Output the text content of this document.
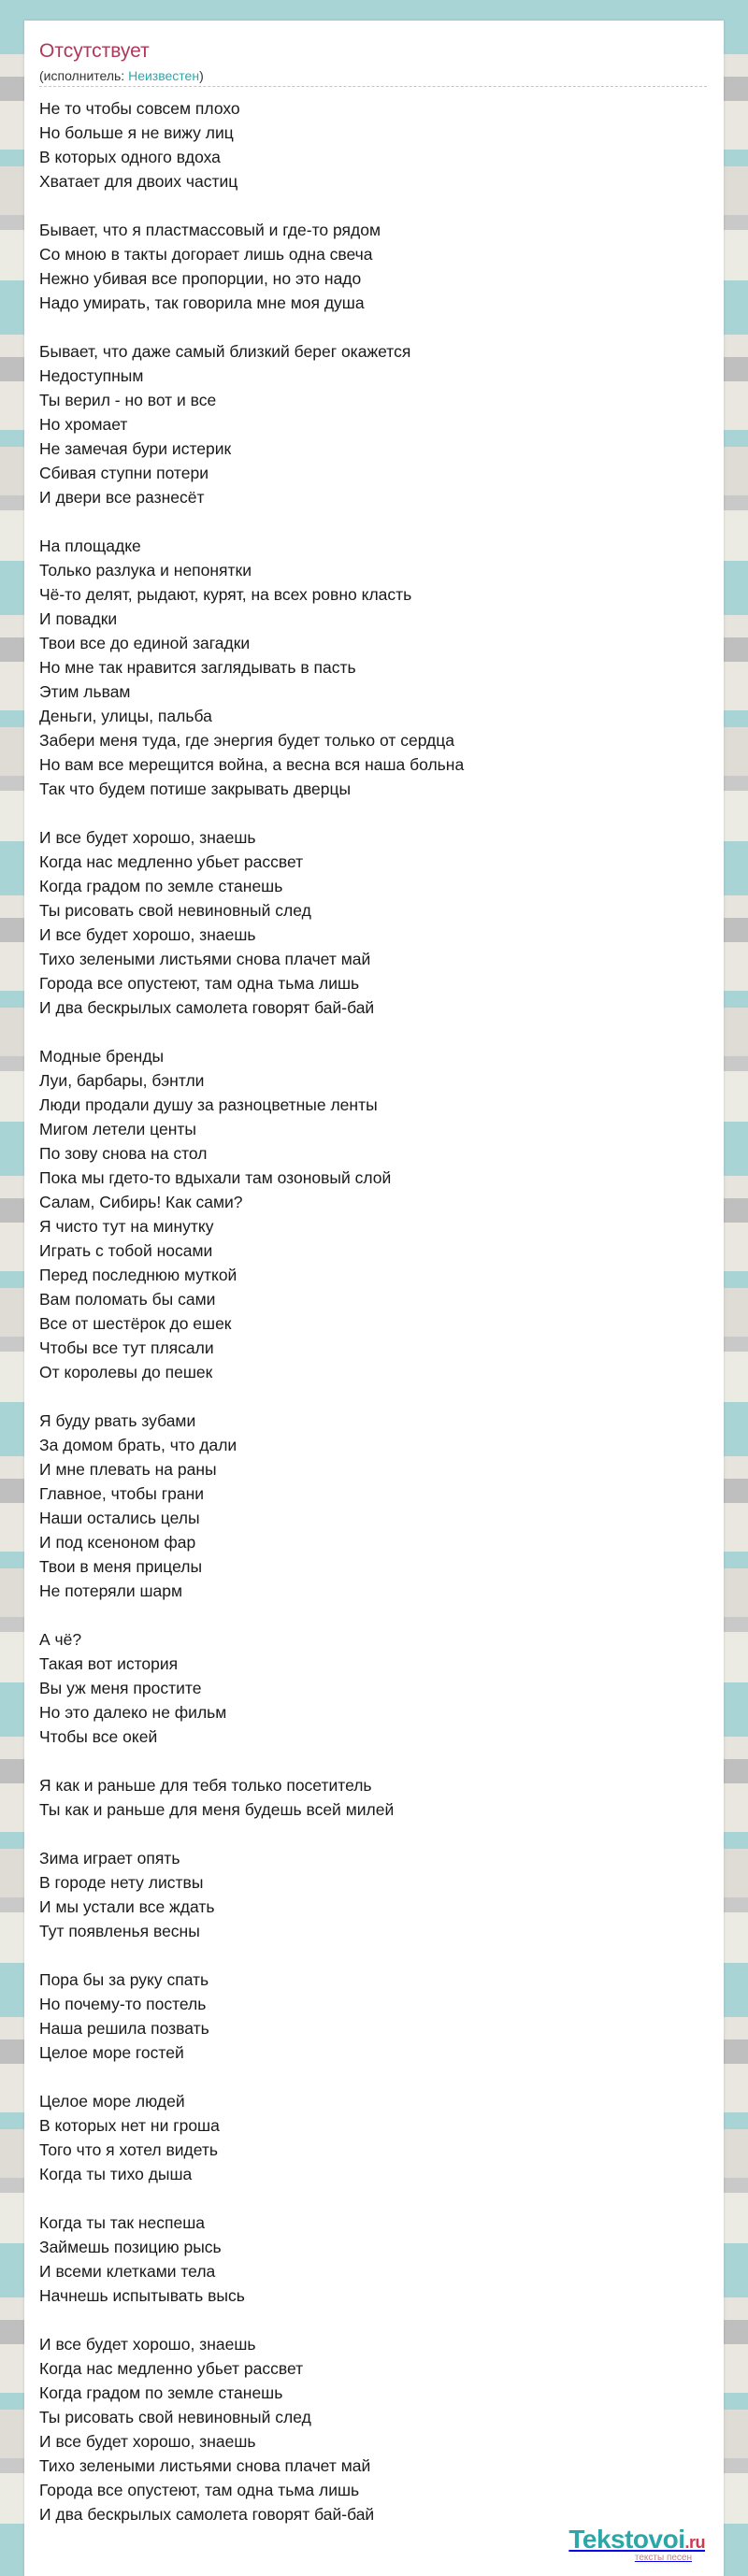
Отсутствует
(исполнитель: Неизвестен)
Не то чтобы совсем плохо
Но больше я не вижу лиц
В которых одного вдоха
Хватает для двоих частиц
Бывает, что я пластмассовый и где-то рядом
Со мною в такты догорает лишь одна свеча
Нежно убивая все пропорции, но это надо
Надо умирать, так говорила мне моя душа
Бывает, что даже самый близкий берег окажется
Недоступным
Ты верил - но вот и все
Но хромает
Не замечая бури истерик
Сбивая ступни потери
И двери все разнесёт
На площадке
Только разлука и непонятки
Чё-то делят, рыдают, курят, на всех ровно класть
И повадки
Твои все до единой загадки
Но мне так нравится заглядывать в пасть
Этим львам
Деньги, улицы, пальба
Забери меня туда, где энергия будет только от сердца
Но вам все мерещится война, а весна вся наша больна
Так что будем потише закрывать дверцы
И все будет хорошо, знаешь
Когда нас медленно убьет рассвет
Когда градом по земле станешь
Ты рисовать свой невиновный след
И все будет хорошо, знаешь
Тихо зелеными листьями снова плачет май
Города все опустеют, там одна тьма лишь
И два бескрылых самолета говорят бай-бай
Модные бренды
Луи, барбары, бэнтли
Люди продали душу за разноцветные ленты
Мигом летели центы
По зову снова на стол
Пока мы гдето-то вдыхали там озоновый слой
Салам, Сибирь! Как сами?
Я чисто тут на минутку
Играть с тобой носами
Перед последнюю муткой
Вам поломать бы сами
Все от шестёрок до ешек
Чтобы все тут плясали
От королевы до пешек
Я буду рвать зубами
За домом брать, что дали
И мне плевать на раны
Главное, чтобы грани
Наши остались целы
И под ксеноном фар
Твои в меня прицелы
Не потеряли шарм
А чё?
Такая вот история
Вы уж меня простите
Но это далеко не фильм
Чтобы все окей
Я как и раньше для тебя только посетитель
Ты как и раньше для меня будешь всей милей
Зима играет опять
В городе нету листвы
И мы устали все ждать
Тут появленья весны
Пора бы за руку спать
Но почему-то постель
Наша решила позвать
Целое море гостей
Целое море людей
В которых нет ни гроша
Того что я хотел видеть
Когда ты тихо дыша
Когда ты так неспеша
Займешь позицию рысь
И всеми клетками тела
Начнешь испытывать высь
И все будет хорошо, знаешь
Когда нас медленно убьет рассвет
Когда градом по земле станешь
Ты рисовать свой невиновный след
И все будет хорошо, знаешь
Тихо зелеными листьями снова плачет май
Города все опустеют, там одна тьма лишь
И два бескрылых самолета говорят бай-бай
Tekstovoi.ru
тексты песен
